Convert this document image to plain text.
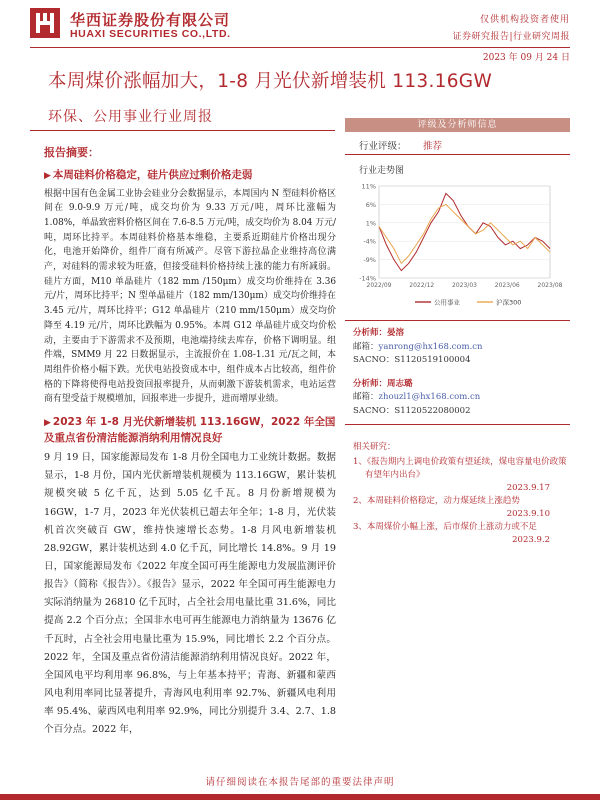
华西证券股份有限公司
HUAXI SECURITIES CO.,LTD.
仅供机构投资者使用
证券研究报告|行业研究周报
2023 年 09 月 24 日
本周煤价涨幅加大，1-8 月光伏新增装机 113.16GW
环保、公用事业行业周报
报告摘要：
▶ 本周硅料价格稳定，硅片供应过剩价格走弱
根据中国有色金属工业协会硅业分会数据显示，本周国内 N 型硅料价格区间在 9.0-9.9 万元/吨，成交均价为 9.33 万元/吨，周环比涨幅为 1.08%，单晶致密料价格区间在 7.6-8.5 万元/吨，成交均价为 8.04 万元/吨，周环比持平。本周硅料价格基本维稳，主要系近期硅片价格出现分化，电池开始降价，组件厂商有所减产。尽管下游拉晶企业维持高位满产，对硅料的需求较为旺盛，但接受硅料价格持续上涨的能力有所减弱。硅片方面，M10 单晶硅片（182 mm /150μm）成交均价维持在 3.36 元/片，周环比持平；N 型单晶硅片（182 mm/130μm）成交均价维持在 3.45 元/片，周环比持平；G12 单晶硅片（210 mm/150μm）成交均价降至 4.19 元/片，周环比跌幅为 0.95%。本周 G12 单晶硅片成交均价松动，主要由于下游需求不及预期，电池端持续去库存，价格下调明显。组件端，SMM9 月 22 日数据显示，主流报价在 1.08-1.31 元/瓦之间，本周组件价格小幅下跌。光伏电站投资成本中，组件成本占比较高，组件价格的下降将使得电站投资回报率提升，从而刺激下游装机需求，电站运营商有望受益于规模增加，回报率进一步提升，进而增厚业绩。
▶ 2023 年 1-8 月光伏新增装机 113.16GW，2022 年全国及重点省份清洁能源消纳利用情况良好
9 月 19 日，国家能源局发布 1-8 月份全国电力工业统计数据。数据显示，1-8 月份，国内光伏新增装机规模为 113.16GW，累计装机规模突破 5 亿千瓦，达到 5.05 亿千瓦。8 月份新增规模为 16GW，1-7 月，2023 年光伏装机已超去年全年；1-8 月，光伏装机首次突破百 GW，维持快速增长态势。1-8 月风电新增装机 28.92GW，累计装机达到 4.0 亿千瓦，同比增长 14.8%。9 月 19 日，国家能源局发布《2022 年度全国可再生能源电力发展监测评价报告》（简称《报告》）。《报告》显示，2022 年全国可再生能源电力实际消纳量为 26810 亿千瓦时，占全社会用电量比重 31.6%，同比提高 2.2 个百分点；全国非水电可再生能源电力消纳量为 13676 亿千瓦时，占全社会用电量比重为 15.9%，同比增长 2.2 个百分点。2022 年，全国及重点省份清洁能源消纳利用情况良好。2022 年，全国风电平均利用率 96.8%，与上年基本持平；青海、新疆和蒙西风电利用率同比显著提升，青海风电利用率 92.7%、新疆风电利用率 95.4%、蒙西风电利用率 92.9%，同比分别提升 3.4、2.7、1.8 个百分点。2022 年，
评级及分析师信息
行业评级： 推荐
行业走势图
11%
6%
1%
-4%
-9%
-14%
2022/09	2022/12	2023/03	2023/06	2023/08
公用事业	沪深300
分析师：晏溶
邮箱：yanrong@hx168.com.cn
SACNO：S1120519100004
分析师：周志璐
邮箱：zhouzl1@hx168.com.cn
SACNO：S1120522080002
相关研究：
1、《报告期内上调电价政策有望延续，煤电容量电价政策有望年内出台》
2023.9.17
2、本周硅料价格稳定，动力煤延续上涨趋势
2023.9.10
3、本周煤价小幅上涨，后市煤价上涨动力或不足
2023.9.2
请仔细阅读在本报告尾部的重要法律声明
